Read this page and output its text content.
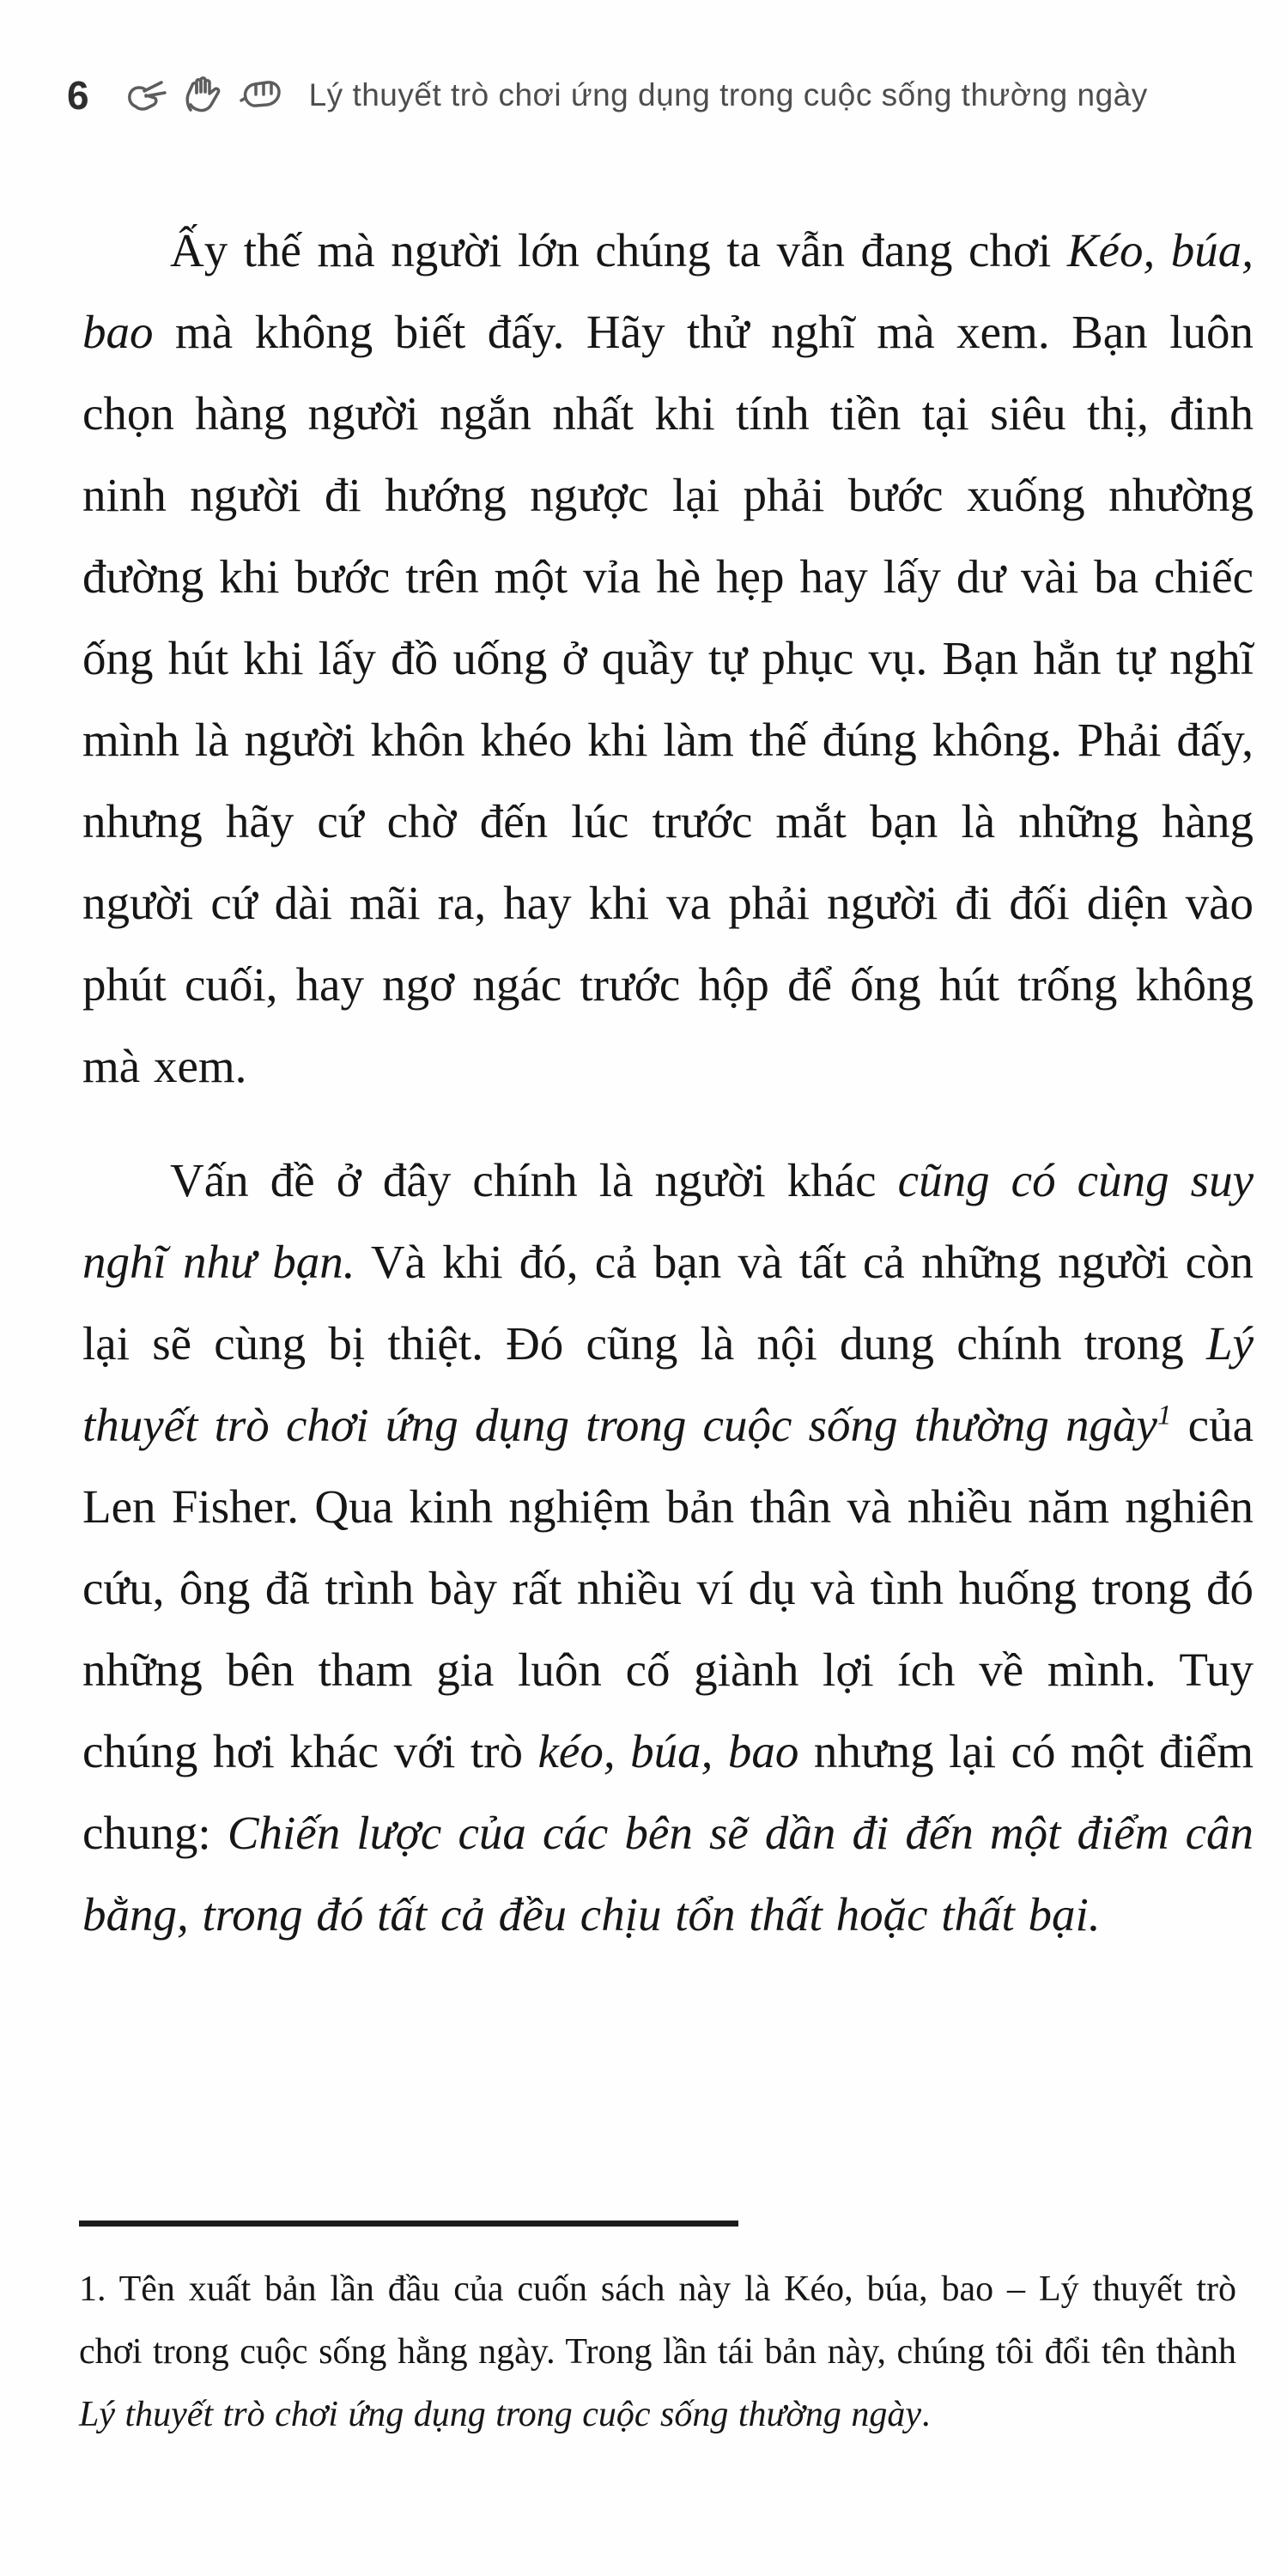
6	Lý thuyết trò chơi ứng dụng trong cuộc sống thường ngày

Ấy thế mà người lớn chúng ta vẫn đang chơi Kéo, búa, bao mà không biết đấy. Hãy thử nghĩ mà xem. Bạn luôn chọn hàng người ngắn nhất khi tính tiền tại siêu thị, đinh ninh người đi hướng ngược lại phải bước xuống nhường đường khi bước trên một vỉa hè hẹp hay lấy dư vài ba chiếc ống hút khi lấy đồ uống ở quầy tự phục vụ. Bạn hẳn tự nghĩ mình là người khôn khéo khi làm thế đúng không. Phải đấy, nhưng hãy cứ chờ đến lúc trước mắt bạn là những hàng người cứ dài mãi ra, hay khi va phải người đi đối diện vào phút cuối, hay ngơ ngác trước hộp để ống hút trống không mà xem.

Vấn đề ở đây chính là người khác cũng có cùng suy nghĩ như bạn. Và khi đó, cả bạn và tất cả những người còn lại sẽ cùng bị thiệt. Đó cũng là nội dung chính trong Lý thuyết trò chơi ứng dụng trong cuộc sống thường ngày$^1$ của Len Fisher. Qua kinh nghiệm bản thân và nhiều năm nghiên cứu, ông đã trình bày rất nhiều ví dụ và tình huống trong đó những bên tham gia luôn cố giành lợi ích về mình. Tuy chúng hơi khác với trò kéo, búa, bao nhưng lại có một điểm chung: Chiến lược của các bên sẽ dần đi đến một điểm cân bằng, trong đó tất cả đều chịu tổn thất hoặc thất bại.

1. Tên xuất bản lần đầu của cuốn sách này là Kéo, búa, bao – Lý thuyết trò chơi trong cuộc sống hằng ngày. Trong lần tái bản này, chúng tôi đổi tên thành Lý thuyết trò chơi ứng dụng trong cuộc sống thường ngày.
